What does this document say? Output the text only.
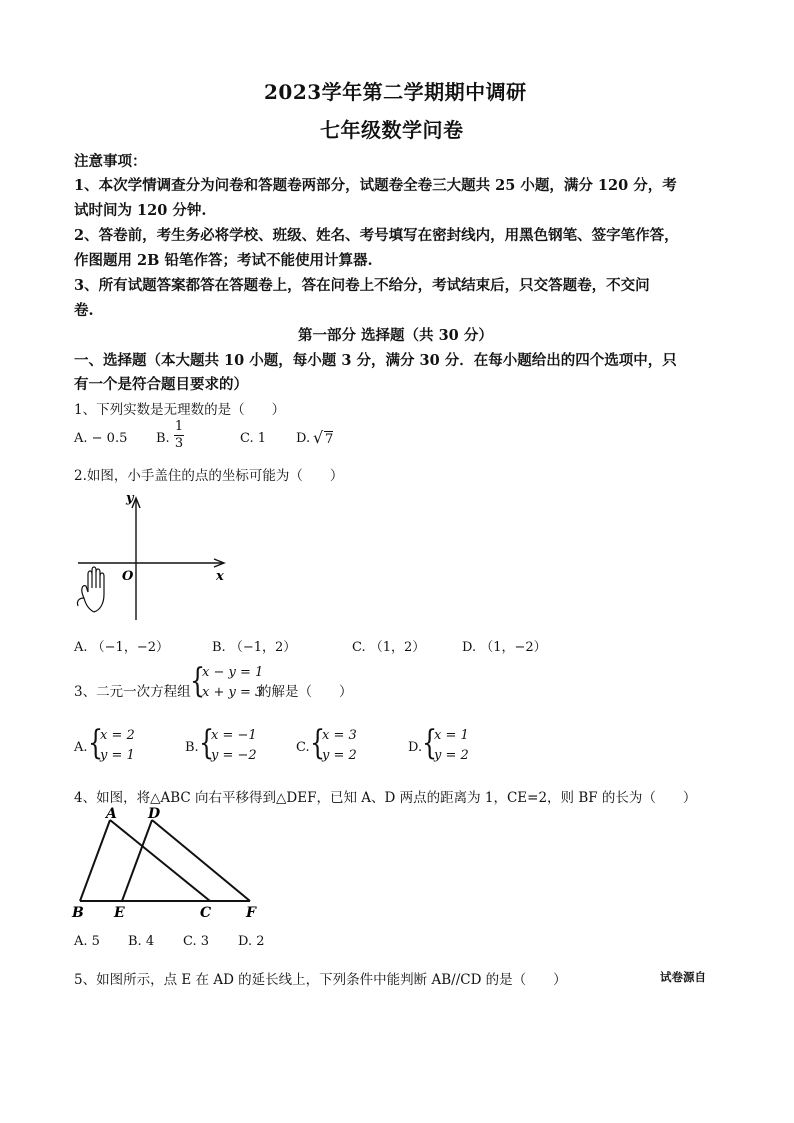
2023学年第二学期期中调研
七年级数学问卷
注意事项：
1、本次学情调查分为问卷和答题卷两部分，试题卷全卷三大题共 25 小题，满分 120 分，考
试时间为 120 分钟.
2、答卷前，考生务必将学校、班级、姓名、考号填写在密封线内，用黑色钢笔、签字笔作答，
作图题用 2B 铅笔作答；考试不能使用计算器.
3、所有试题答案都答在答题卷上，答在问卷上不给分，考试结束后，只交答题卷，不交问
卷.
第一部分 选择题（共 30 分）
一、选择题（本大题共 10 小题，每小题 3 分，满分 30 分．在每小题给出的四个选项中，只
有一个是符合题目要求的）
1、下列实数是无理数的是（　　）
A. − 0.5 B.
1
3	C. 1 D. √ 7
2.如图，小手盖住的点的坐标可能为（　　）
y
x
O
A. （−1，−2）	B. （−1，2）	C. （1，2）	D. （1，−2）
3、二元一次方程组 {
x − y = 1
x + y = 3
的解是（　　）
A. {
x = 2
y = 1
B. {
x = −1
y = −2
C. {
x = 3
y = 2
D. {
x = 1
y = 2
4、如图，将△ABC 向右平移得到△DEF，已知 A、D 两点的距离为 1，CE=2，则 BF 的长为（　　）
A D
B E	C F
A. 5 B. 4 C. 3 D. 2
5、如图所示，点 E 在 AD 的延长线上，下列条件中能判断 AB//CD 的是（　　）	试卷源自
